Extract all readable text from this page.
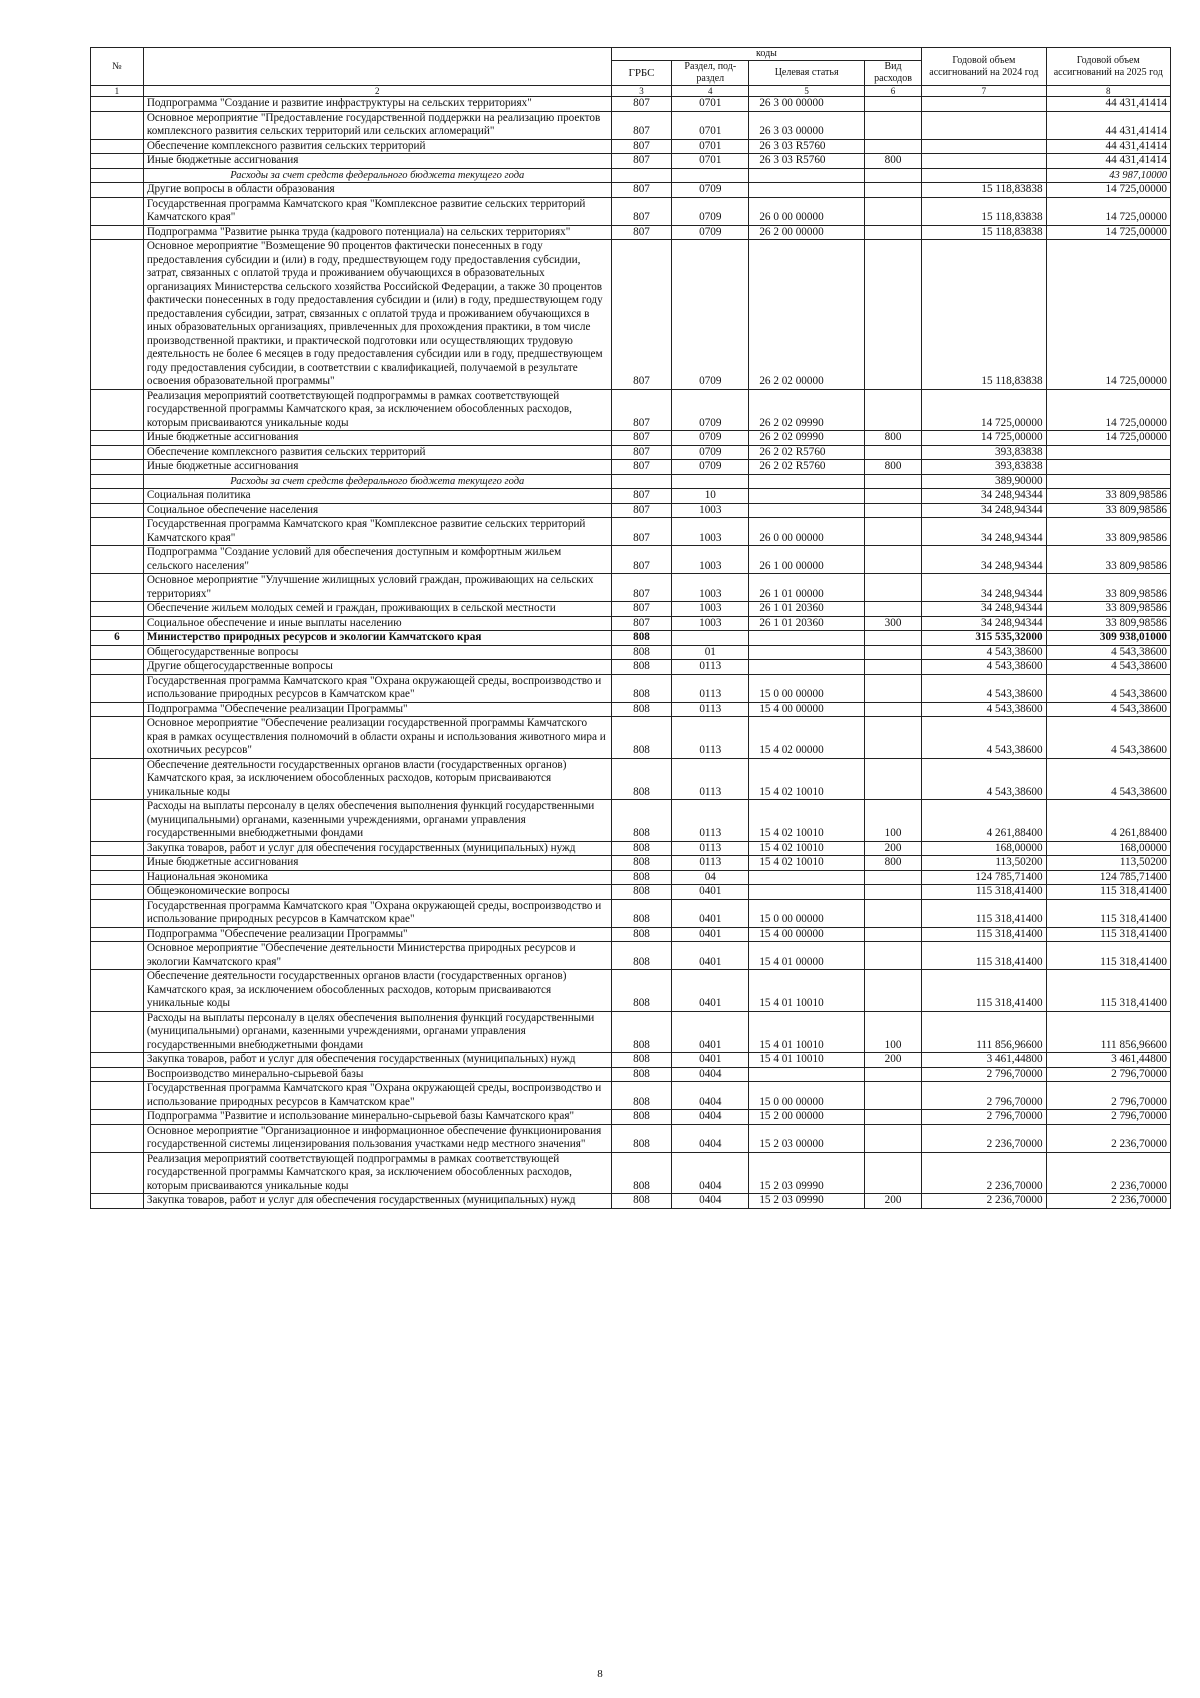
№		коды				Годовой объем ассигнований на 2024 год	Годовой объем ассигнований на 2025 год
		ГРБС	Раздел, под-раздел	Целевая статья	Вид расходов		
1	2	3	4	5	6	7	8
	Подпрограмма "Создание и развитие инфраструктуры на сельских территориях"	807	0701	26 3 00 00000			44 431,41414
	Основное мероприятие "Предоставление государственной поддержки на реализацию проектов комплексного развития сельских территорий или сельских агломераций"	807	0701	26 3 03 00000			44 431,41414
	Обеспечение комплексного развития сельских территорий	807	0701	26 3 03 R5760			44 431,41414
	Иные бюджетные ассигнования	807	0701	26 3 03 R5760	800		44 431,41414
	Расходы за счет средств федерального бюджета текущего года						43 987,10000
	Другие вопросы в области образования	807	0709			15 118,83838	14 725,00000
	Государственная программа Камчатского края "Комплексное развитие сельских территорий Камчатского края"	807	0709	26 0 00 00000		15 118,83838	14 725,00000
	Подпрограмма "Развитие рынка труда (кадрового потенциала) на сельских территориях"	807	0709	26 2 00 00000		15 118,83838	14 725,00000
	Основное мероприятие "Возмещение 90 процентов фактически понесенных в году предоставления субсидии и (или) в году, предшествующем году предоставления субсидии, затрат, связанных с оплатой труда и проживанием обучающихся в образовательных организациях Министерства сельского хозяйства Российской Федерации, а также 30 процентов фактически понесенных в году предоставления субсидии и (или) в году, предшествующем году предоставления субсидии, затрат, связанных с оплатой труда и проживанием обучающихся в иных образовательных организациях, привлеченных для прохождения практики, в том числе производственной практики, и практической подготовки или осуществляющих трудовую деятельность не более 6 месяцев в году предоставления субсидии или в году, предшествующем году предоставления субсидии, в соответствии с квалификацией, получаемой в результате освоения образовательной программы"	807	0709	26 2 02 00000		15 118,83838	14 725,00000
	Реализация мероприятий соответствующей подпрограммы в рамках соответствующей государственной программы Камчатского края, за исключением обособленных расходов, которым присваиваются уникальные коды	807	0709	26 2 02 09990		14 725,00000	14 725,00000
	Иные бюджетные ассигнования	807	0709	26 2 02 09990	800	14 725,00000	14 725,00000
	Обеспечение комплексного развития сельских территорий	807	0709	26 2 02 R5760		393,83838	
	Иные бюджетные ассигнования	807	0709	26 2 02 R5760	800	393,83838	
	Расходы за счет средств федерального бюджета текущего года					389,90000	
	Социальная политика	807	10			34 248,94344	33 809,98586
	Социальное обеспечение населения	807	1003			34 248,94344	33 809,98586
	Государственная программа Камчатского края "Комплексное развитие сельских территорий Камчатского края"	807	1003	26 0 00 00000		34 248,94344	33 809,98586
	Подпрограмма "Создание условий для обеспечения доступным и комфортным жильем сельского населения"	807	1003	26 1 00 00000		34 248,94344	33 809,98586
	Основное мероприятие "Улучшение жилищных условий граждан, проживающих на сельских территориях"	807	1003	26 1 01 00000		34 248,94344	33 809,98586
	Обеспечение жильем молодых семей и граждан, проживающих в сельской местности	807	1003	26 1 01 20360		34 248,94344	33 809,98586
	Социальное обеспечение и иные выплаты населению	807	1003	26 1 01 20360	300	34 248,94344	33 809,98586
6	Министерство природных ресурсов и экологии Камчатского края	808				315 535,32000	309 938,01000
	Общегосударственные вопросы	808	01			4 543,38600	4 543,38600
	Другие общегосударственные вопросы	808	0113			4 543,38600	4 543,38600
	Государственная программа Камчатского края "Охрана окружающей среды, воспроизводство и использование природных ресурсов в Камчатском крае"	808	0113	15 0 00 00000		4 543,38600	4 543,38600
	Подпрограмма "Обеспечение реализации Программы"	808	0113	15 4 00 00000		4 543,38600	4 543,38600
	Основное мероприятие "Обеспечение реализации государственной программы Камчатского края в рамках осуществления полномочий в области охраны и использования животного мира и охотничьих ресурсов"	808	0113	15 4 02 00000		4 543,38600	4 543,38600
	Обеспечение деятельности государственных органов власти (государственных органов) Камчатского края, за исключением обособленных расходов, которым присваиваются уникальные коды	808	0113	15 4 02 10010		4 543,38600	4 543,38600
	Расходы на выплаты персоналу в целях обеспечения выполнения функций государственными (муниципальными) органами, казенными учреждениями, органами управления государственными внебюджетными фондами	808	0113	15 4 02 10010	100	4 261,88400	4 261,88400
	Закупка товаров, работ и услуг для обеспечения государственных (муниципальных) нужд	808	0113	15 4 02 10010	200	168,00000	168,00000
	Иные бюджетные ассигнования	808	0113	15 4 02 10010	800	113,50200	113,50200
	Национальная экономика	808	04			124 785,71400	124 785,71400
	Общеэкономические вопросы	808	0401			115 318,41400	115 318,41400
	Государственная программа Камчатского края "Охрана окружающей среды, воспроизводство и использование природных ресурсов в Камчатском крае"	808	0401	15 0 00 00000		115 318,41400	115 318,41400
	Подпрограмма "Обеспечение реализации Программы"	808	0401	15 4 00 00000		115 318,41400	115 318,41400
	Основное мероприятие "Обеспечение деятельности Министерства природных ресурсов и экологии Камчатского края"	808	0401	15 4 01 00000		115 318,41400	115 318,41400
	Обеспечение деятельности государственных органов власти (государственных органов) Камчатского края, за исключением обособленных расходов, которым присваиваются уникальные коды	808	0401	15 4 01 10010		115 318,41400	115 318,41400
	Расходы на выплаты персоналу в целях обеспечения выполнения функций государственными (муниципальными) органами, казенными учреждениями, органами управления государственными внебюджетными фондами	808	0401	15 4 01 10010	100	111 856,96600	111 856,96600
	Закупка товаров, работ и услуг для обеспечения государственных (муниципальных) нужд	808	0401	15 4 01 10010	200	3 461,44800	3 461,44800
	Воспроизводство минерально-сырьевой базы	808	0404			2 796,70000	2 796,70000
	Государственная программа Камчатского края "Охрана окружающей среды, воспроизводство и использование природных ресурсов в Камчатском крае"	808	0404	15 0 00 00000		2 796,70000	2 796,70000
	Подпрограмма "Развитие и использование минерально-сырьевой базы Камчатского края"	808	0404	15 2 00 00000		2 796,70000	2 796,70000
	Основное мероприятие "Организационное и информационное обеспечение функционирования государственной системы лицензирования пользования участками недр местного значения"	808	0404	15 2 03 00000		2 236,70000	2 236,70000
	Реализация мероприятий соответствующей подпрограммы в рамках соответствующей государственной программы Камчатского края, за исключением обособленных расходов, которым присваиваются уникальные коды	808	0404	15 2 03 09990		2 236,70000	2 236,70000
	Закупка товаров, работ и услуг для обеспечения государственных (муниципальных) нужд	808	0404	15 2 03 09990	200	2 236,70000	2 236,70000
8
